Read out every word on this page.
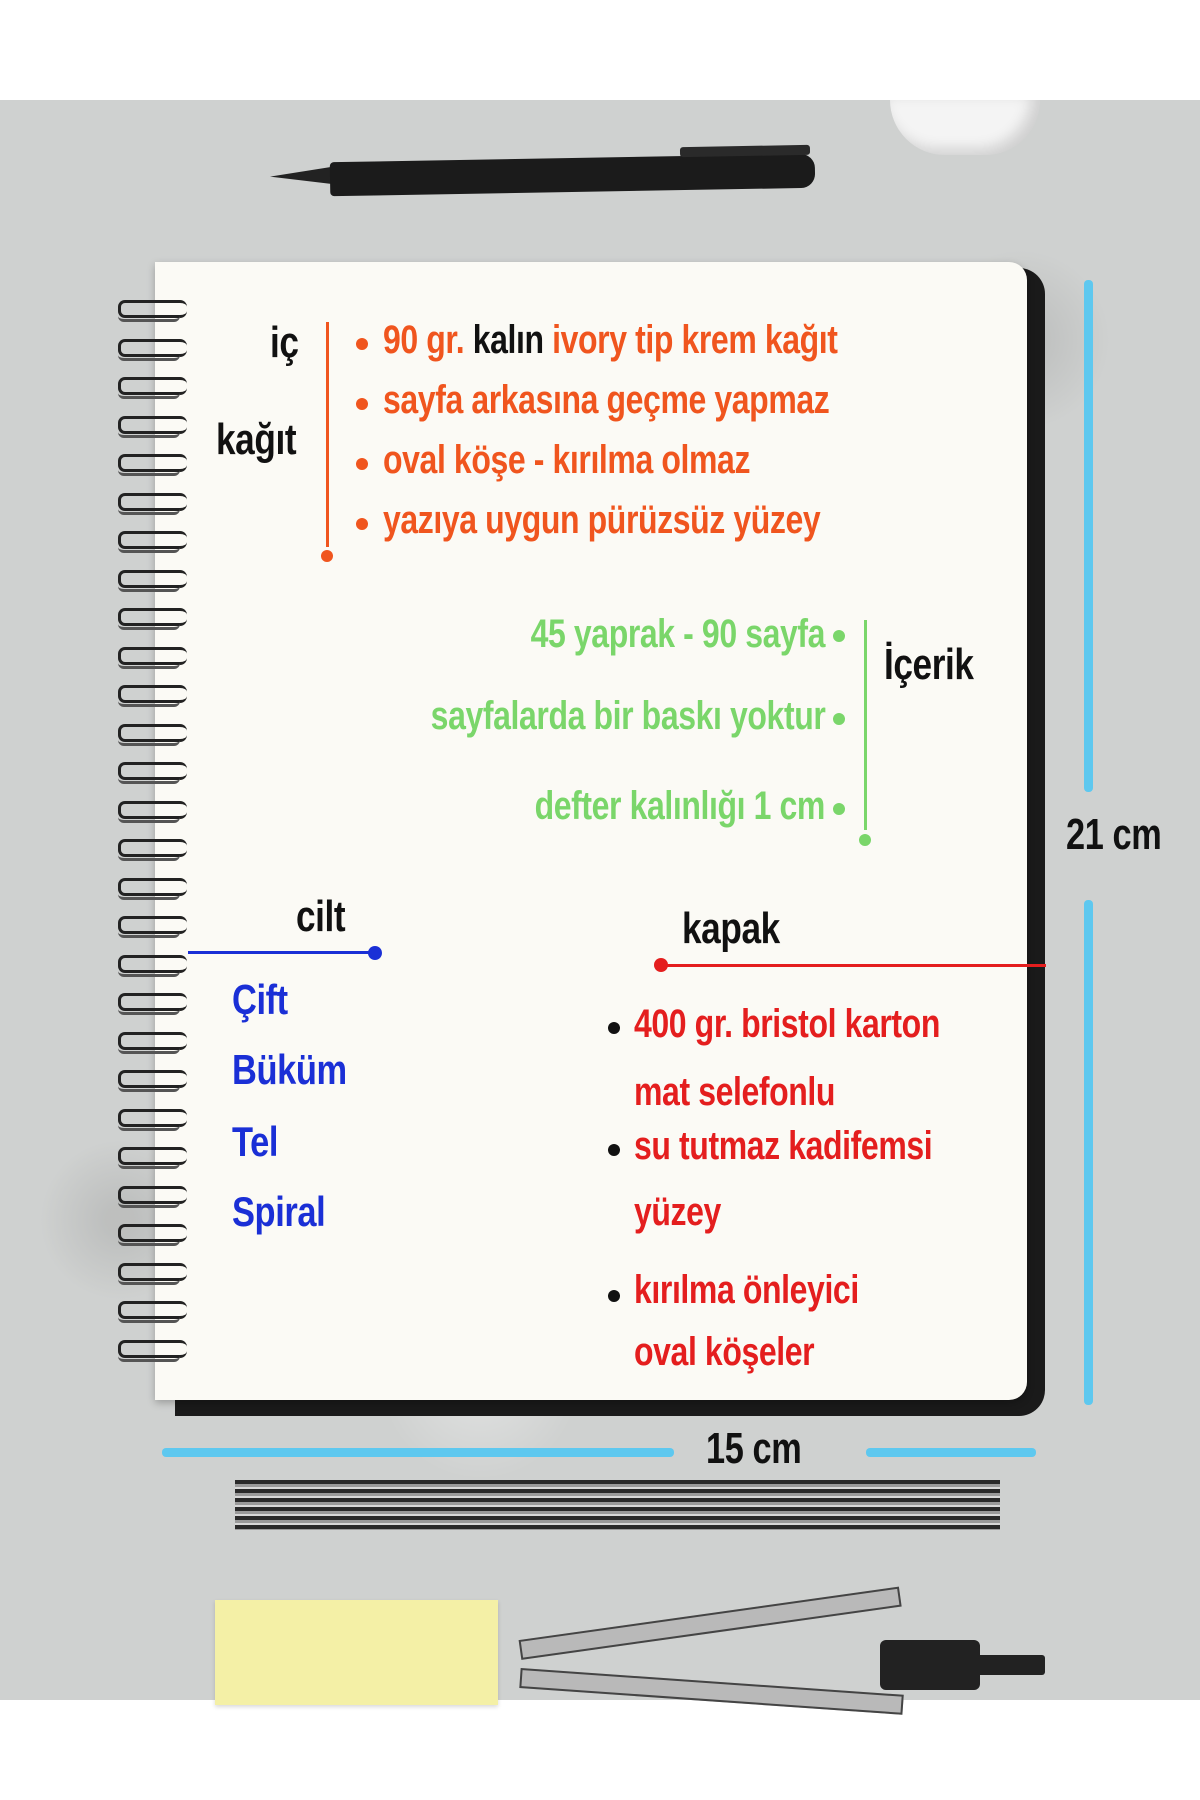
iç
kağıt
90 gr. kalın ivory tip krem kağıt
sayfa arkasına geçme yapmaz
oval köşe - kırılma olmaz
yazıya uygun pürüzsüz yüzey
45 yaprak - 90 sayfa
sayfalarda bir baskı yoktur
defter kalınlığı 1 cm
İçerik
cilt
Çift
Büküm
Tel
Spiral
kapak
400 gr. bristol karton
mat selefonlu
su tutmaz kadifemsi
yüzey
kırılma önleyici
oval köşeler
21 cm
15 cm
